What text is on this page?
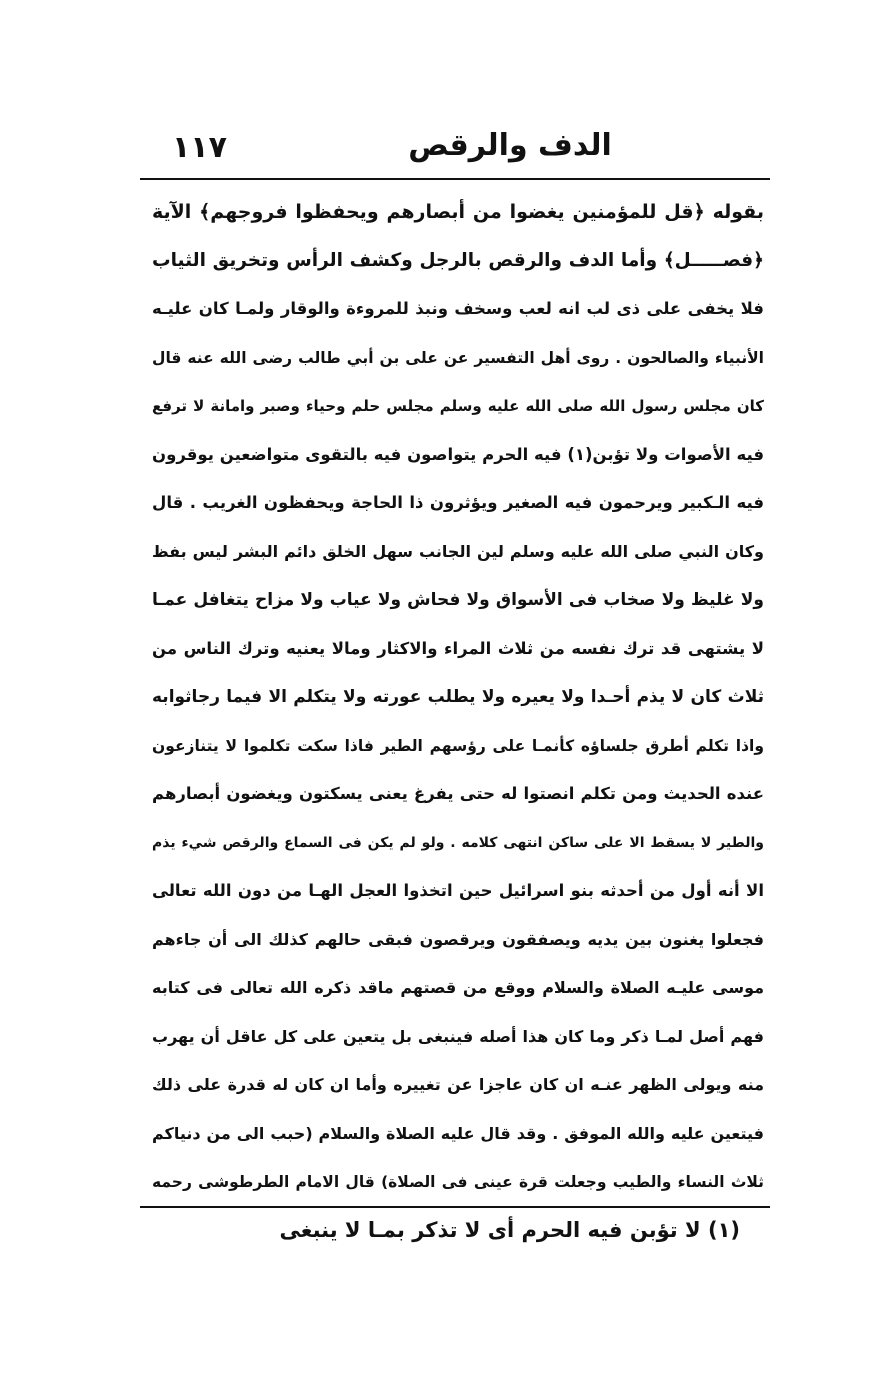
١١٧	الدف والرقص
بقوله ﴿قل للمؤمنين يغضوا من أبصارهم ويحفظوا فروجهم﴾ الآية
﴿فصـــــل﴾ وأما الدف والرقص بالرجل وكشف الرأس وتخريق الثياب
فلا يخفى على ذى لب انه لعب وسخف ونبذ للمروءة والوقار ولمـا كان عليـه
الأنبياء والصالحون . روى أهل التفسير عن على بن أبي طالب رضى الله عنه قال
كان مجلس رسول الله صلى الله عليه وسلم مجلس حلم وحياء وصبر وامانة لا ترفع
فيه الأصوات ولا تؤبن(١) فيه الحرم يتواصون فيه بالتقوى متواضعين يوقرون
فيه الـكبير ويرحمون فيه الصغير ويؤثرون ذا الحاجة ويحفظون الغريب . قال
وكان النبي صلى الله عليه وسلم لين الجانب سهل الخلق دائم البشر ليس بفظ
ولا غليظ ولا صخاب فى الأسواق ولا فحاش ولا عياب ولا مزاح يتغافل عمـا
لا يشتهى قد ترك نفسه من ثلاث المراء والاكثار ومالا يعنيه وترك الناس من
ثلاث كان لا يذم أحـدا ولا يعيره ولا يطلب عورته ولا يتكلم الا فيما رجاثوابه
واذا تكلم أطرق جلساؤه كأنمـا على رؤسهم الطير فاذا سكت تكلموا لا يتنازعون
عنده الحديث ومن تكلم انصتوا له حتى يفرغ يعنى يسكتون ويغضون أبصارهم
والطير لا يسقط الا على ساكن انتهى كلامه . ولو لم يكن فى السماع والرقص شيء يذم
الا أنه أول من أحدثه بنو اسرائيل حين اتخذوا العجل الهـا من دون الله تعالى
فجعلوا يغنون بين يديه ويصفقون ويرقصون فبقى حالهم كذلك الى أن جاءهم
موسى عليـه الصلاة والسلام ووقع من قصتهم ماقد ذكره الله تعالى فى كتابه
فهم أصل لمـا ذكر وما كان هذا أصله فينبغى بل يتعين على كل عاقل أن يهرب
منه ويولى الظهر عنـه ان كان عاجزا عن تغييره وأما ان كان له قدرة على ذلك
فيتعين عليه والله الموفق . وقد قال عليه الصلاة والسلام (حبب الى من دنياكم
ثلاث النساء والطيب وجعلت قرة عينى فى الصلاة) قال الامام الطرطوشى رحمه
(١) لا تؤبن فيه الحرم أى لا تذكر بمـا لا ينبغى
